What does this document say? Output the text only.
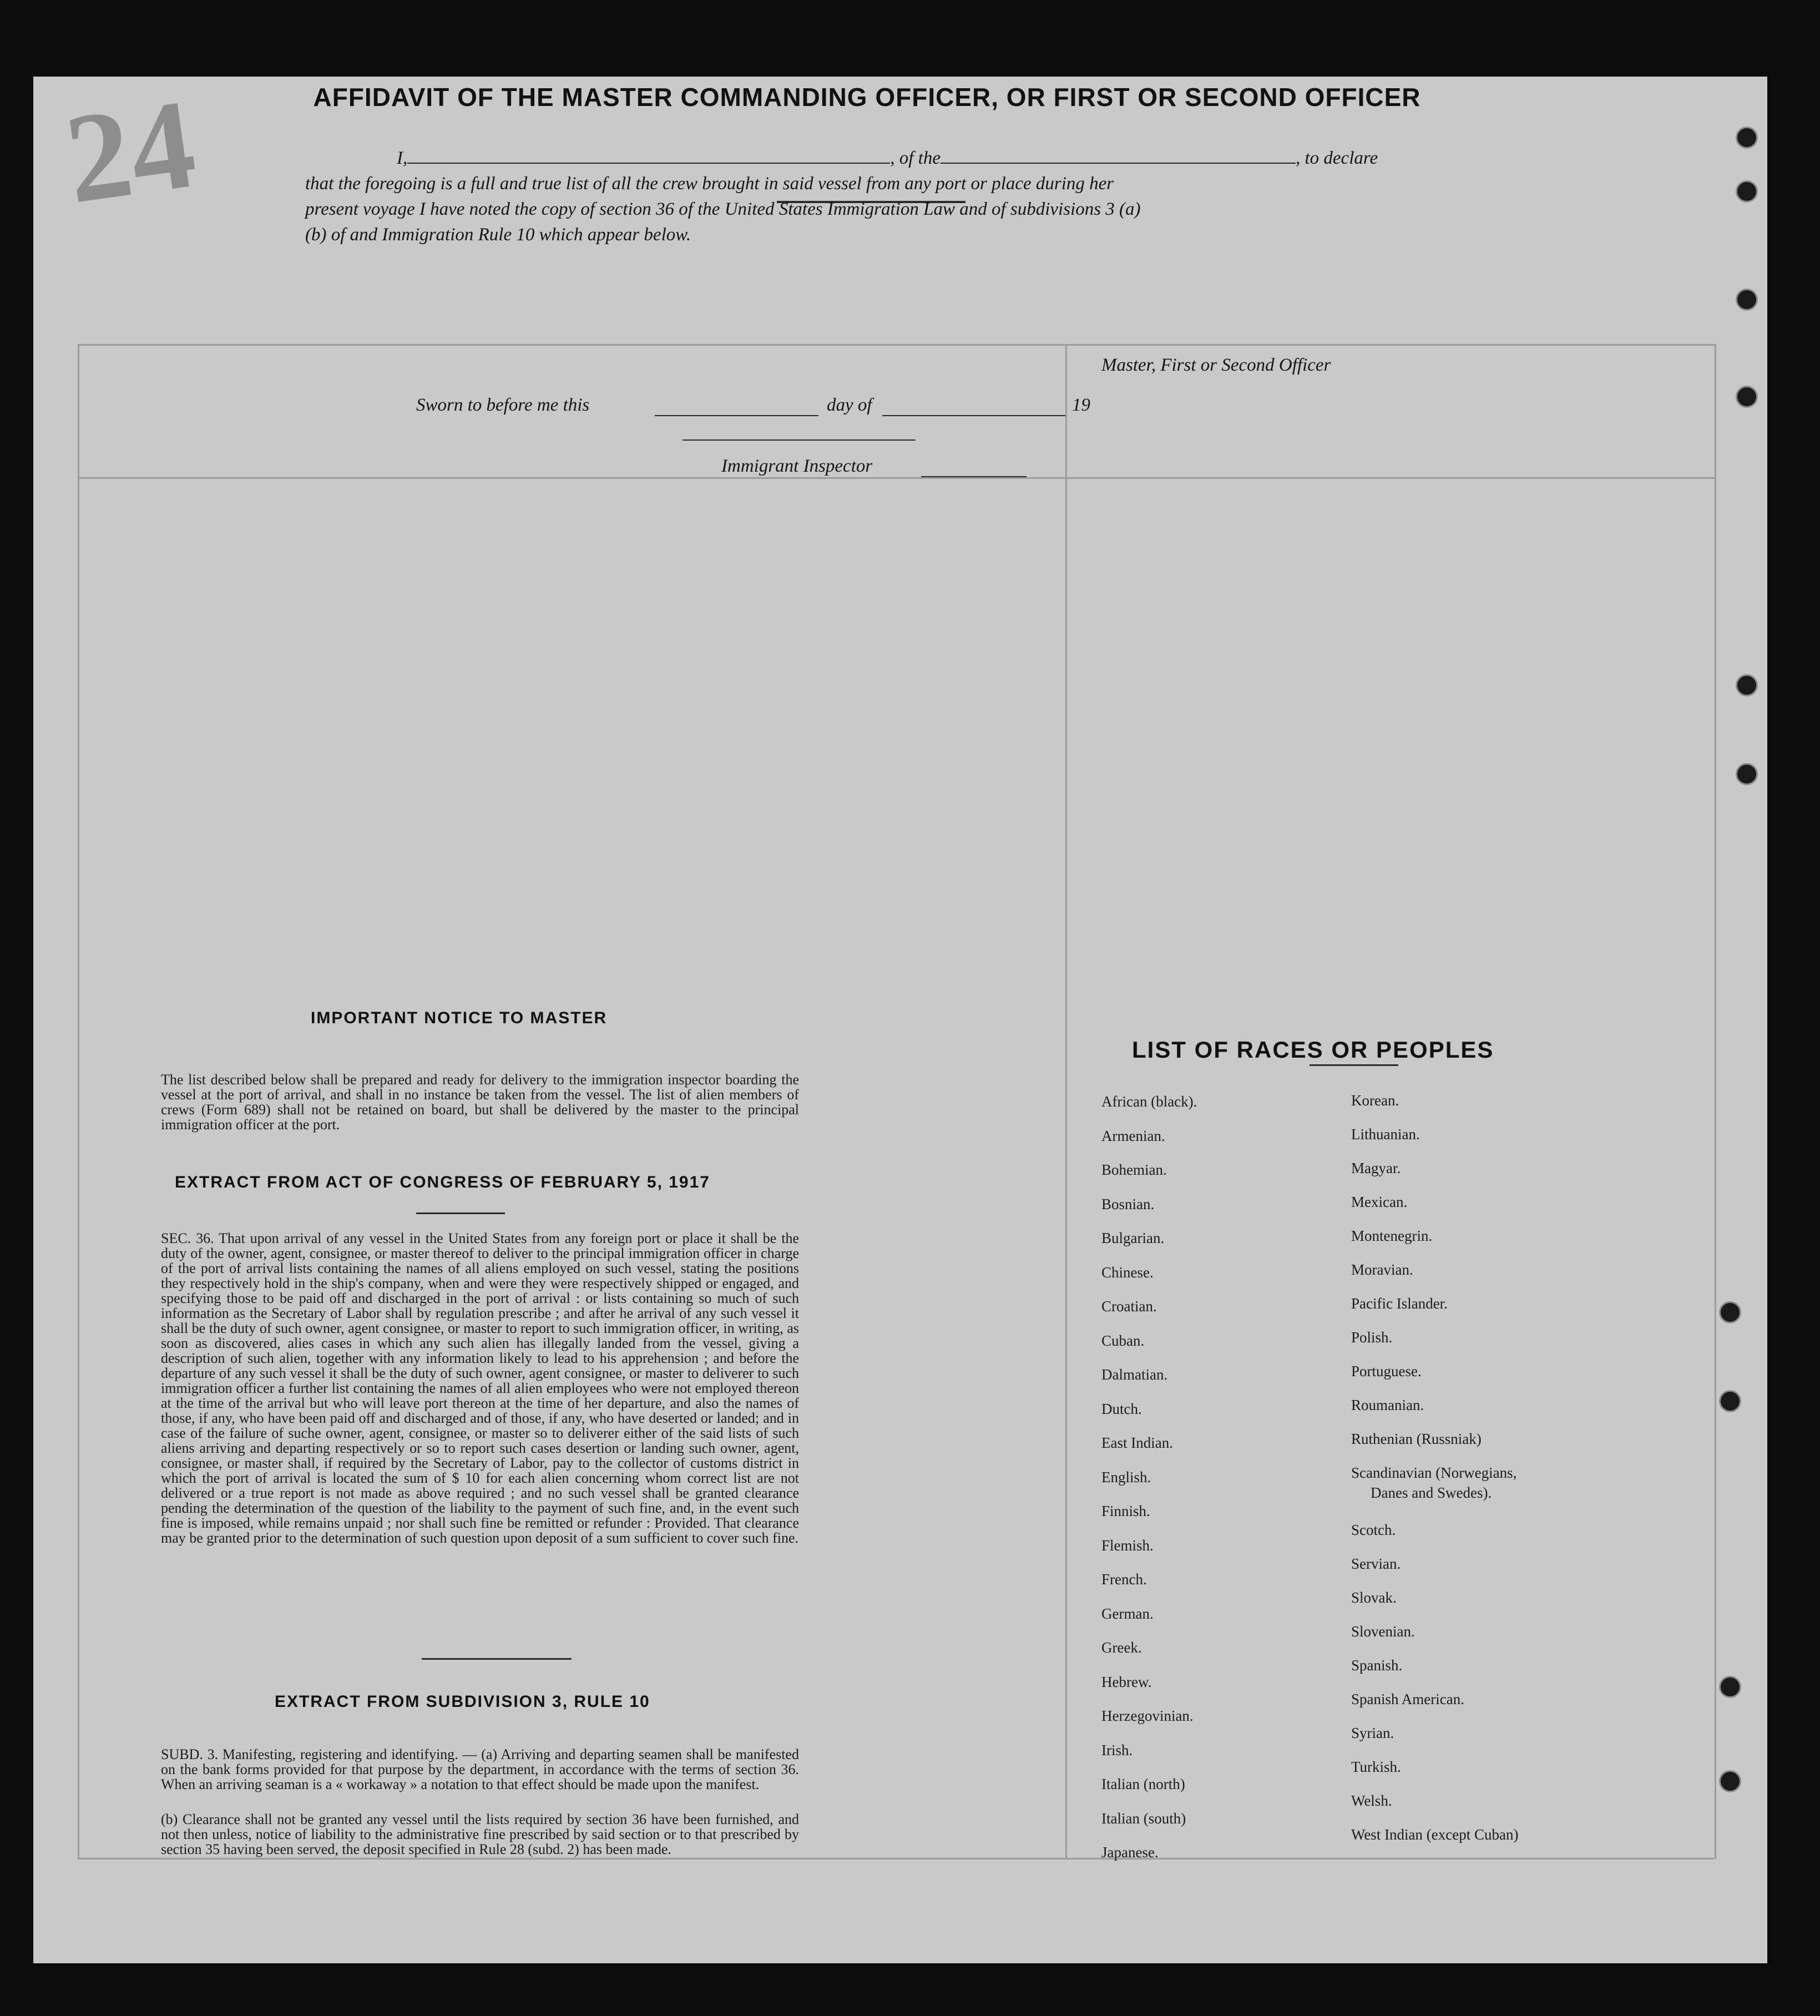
24	AFFIDAVIT OF THE MASTER COMMANDING OFFICER, OR FIRST OR SECOND OFFICER
I,	, of the	, to declare
that the foregoing is a full and true list of all the crew brought in said vessel from any port or place during her
present voyage I have noted the copy of section 36 of the United States Immigration Law and of subdivisions 3 (a)
(b) of and Immigration Rule 10 which appear below.
Master, First or Second Officer
Sworn to before me this	day of	19
Immigrant Inspector
IMPORTANT NOTICE TO MASTER
The list described below shall be prepared and ready for delivery to the immigration inspector boarding the vessel at the port of arrival, and shall in no instance be taken from the vessel. The list of alien members of crews (Form 689) shall not be retained on board, but shall be delivered by the master to the principal immigration officer at the port.
EXTRACT FROM ACT OF CONGRESS OF FEBRUARY 5, 1917
SEC. 36. That upon arrival of any vessel in the United States from any foreign port or place it shall be the duty of the owner, agent, consignee, or master thereof to deliver to the principal immigration officer in charge of the port of arrival lists containing the names of all aliens employed on such vessel, stating the positions they respectively hold in the ship's company, when and were they were respectively shipped or engaged, and specifying those to be paid off and discharged in the port of arrival : or lists containing so much of such information as the Secretary of Labor shall by regulation prescribe ; and after he arrival of any such vessel it shall be the duty of such owner, agent consignee, or master to report to such immigration officer, in writing, as soon as discovered, alies cases in which any such alien has illegally landed from the vessel, giving a description of such alien, together with any information likely to lead to his apprehension ; and before the departure of any such vessel it shall be the duty of such owner, agent consignee, or master to deliverer to such immigration officer a further list containing the names of all alien employees who were not employed thereon at the time of the arrival but who will leave port thereon at the time of her departure, and also the names of those, if any, who have been paid off and discharged and of those, if any, who have deserted or landed; and in case of the failure of suche owner, agent, consignee, or master so to deliverer either of the said lists of such aliens arriving and departing respectively or so to report such cases desertion or landing such owner, agent, consignee, or master shall, if required by the Secretary of Labor, pay to the collector of customs district in which the port of arrival is located the sum of $ 10 for each alien concerning whom correct list are not delivered or a true report is not made as above required ; and no such vessel shall be granted clearance pending the determination of the question of the liability to the payment of such fine, and, in the event such fine is imposed, while remains unpaid ; nor shall such fine be remitted or refunder : Provided. That clearance may be granted prior to the determination of such question upon deposit of a sum sufficient to cover such fine.
EXTRACT FROM SUBDIVISION 3, RULE 10
SUBD. 3. Manifesting, registering and identifying. — (a) Arriving and departing seamen shall be manifested on the bank forms provided for that purpose by the department, in accordance with the terms of section 36. When an arriving seaman is a « workaway » a notation to that effect should be made upon the manifest.
(b) Clearance shall not be granted any vessel until the lists required by section 36 have been furnished, and not then unless, notice of liability to the administrative fine prescribed by said section or to that prescribed by section 35 having been served, the deposit specified in Rule 28 (subd. 2) has been made.
LIST OF RACES OR PEOPLES
African (black).
Armenian.
Bohemian.
Bosnian.
Bulgarian.
Chinese.
Croatian.
Cuban.
Dalmatian.
Dutch.
East Indian.
English.
Finnish.
Flemish.
French.
German.
Greek.
Hebrew.
Herzegovinian.
Irish.
Italian (north)
Italian (south)
Japanese.
Korean.
Lithuanian.
Magyar.
Mexican.
Montenegrin.
Moravian.
Pacific Islander.
Polish.
Portuguese.
Roumanian.
Ruthenian (Russniak)
Scandinavian (Norwegians,
Danes and Swedes).
Scotch.
Servian.
Slovak.
Slovenian.
Spanish.
Spanish American.
Syrian.
Turkish.
Welsh.
West Indian (except Cuban)
